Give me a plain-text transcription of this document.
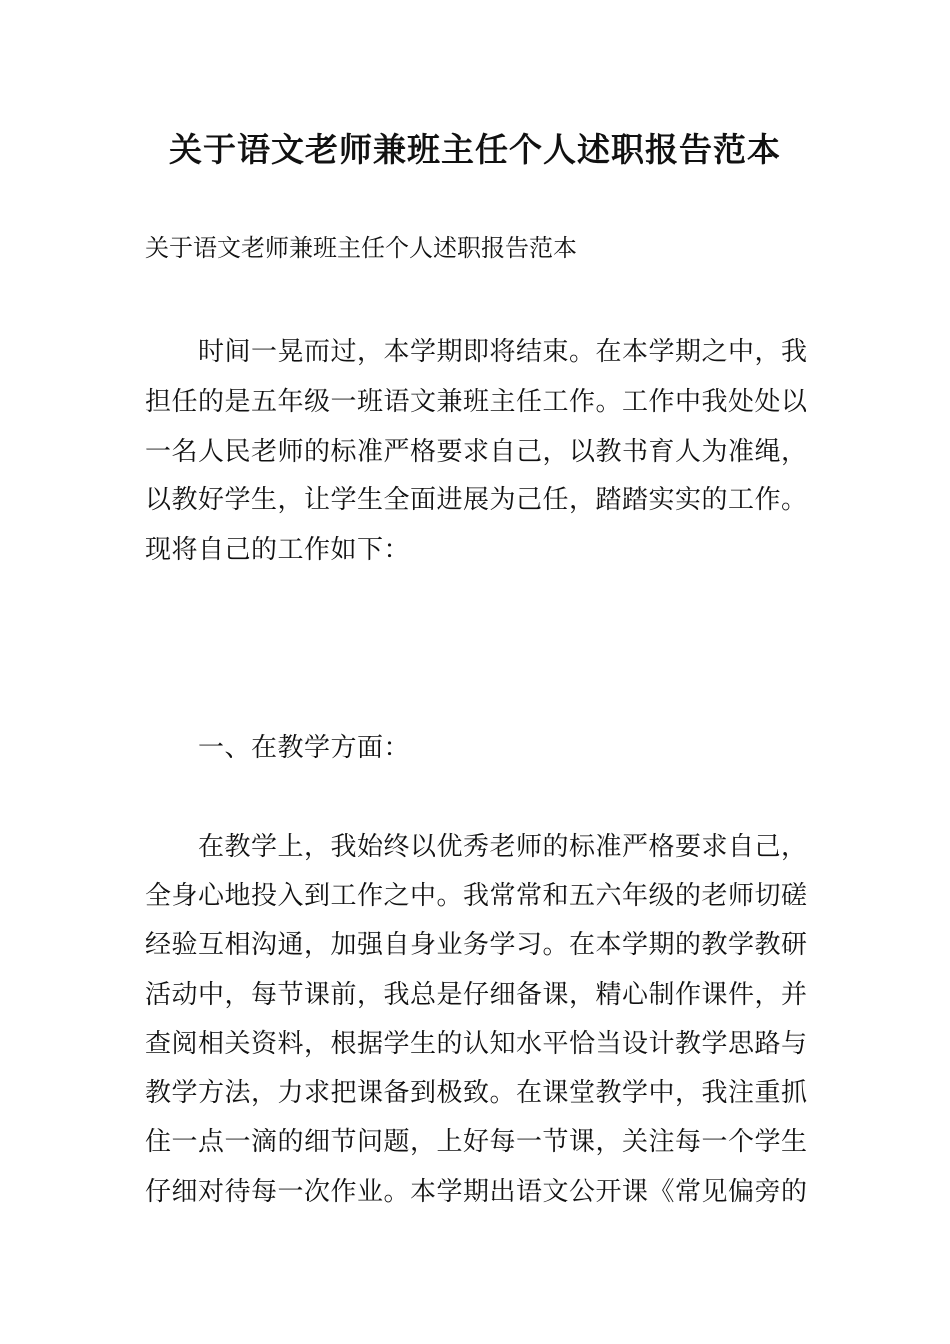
关于语文老师兼班主任个人述职报告范本
关于语文老师兼班主任个人述职报告范本
　　时间一晃而过，本学期即将结束。在本学期之中，我
担任的是五年级一班语文兼班主任工作。工作中我处处以
一名人民老师的标准严格要求自己，以教书育人为准绳，
以教好学生，让学生全面进展为己任，踏踏实实的工作。
现将自己的工作如下：
　　一、在教学方面：
　　在教学上，我始终以优秀老师的标准严格要求自己，
全身心地投入到工作之中。我常常和五六年级的老师切磋
经验互相沟通，加强自身业务学习。在本学期的教学教研
活动中，每节课前，我总是仔细备课，精心制作课件，并
查阅相关资料，根据学生的认知水平恰当设计教学思路与
教学方法，力求把课备到极致。在课堂教学中，我注重抓
住一点一滴的细节问题，上好每一节课，关注每一个学生
仔细对待每一次作业。本学期出语文公开课《常见偏旁的
